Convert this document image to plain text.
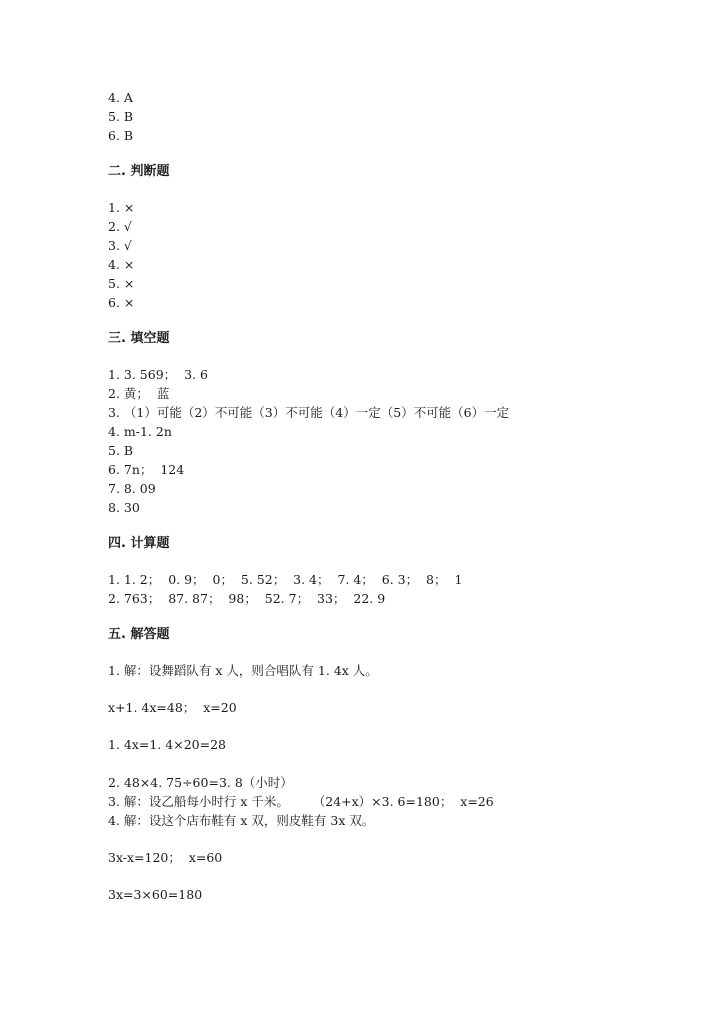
4. A
5. B
6. B
二. 判断题
1. ×
2. √
3. √
4. ×
5. ×
6. ×
三. 填空题
1. 3. 569；  3. 6
2. 黄；  蓝
3. （1）可能（2）不可能（3）不可能（4）一定（5）不可能（6）一定
4. m-1. 2n
5. B
6. 7n；  124
7. 8. 09
8. 30
四. 计算题
1. 1. 2；  0. 9；  0；  5. 52；  3. 4；  7. 4；  6. 3；  8；  1
2. 763；  87. 87；  98；  52. 7；  33；  22. 9
五. 解答题
1. 解：设舞蹈队有 x 人，则合唱队有 1. 4x 人。
x+1. 4x=48；  x=20
1. 4x=1. 4×20=28
2. 48×4. 75÷60=3. 8（小时）
3. 解：设乙船每小时行 x 千米。      （24+x）×3. 6=180；  x=26
4. 解：设这个店布鞋有 x 双，则皮鞋有 3x 双。
3x-x=120；  x=60
3x=3×60=180
